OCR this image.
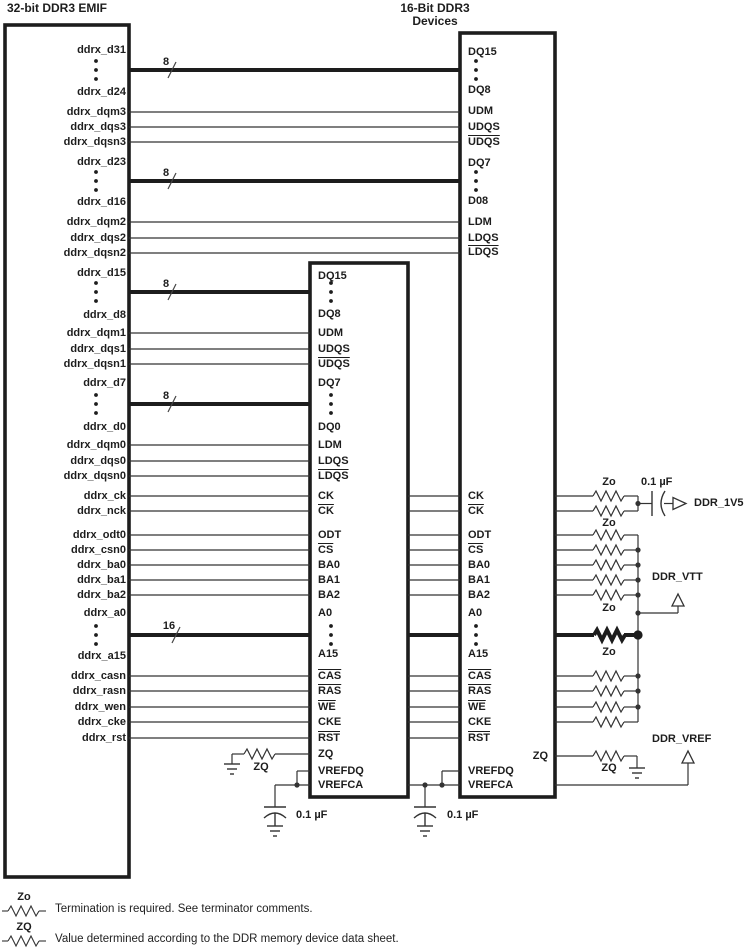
32-bit DDR3 EMIF	16-Bit DDR3
Devices
ddrx_d31
ddrx_d24
ddrx_dqm3
ddrx_dqs3
ddrx_dqsn3
ddrx_d23
ddrx_d16
ddrx_dqm2
ddrx_dqs2
ddrx_dqsn2
ddrx_d15
ddrx_d8
ddrx_dqm1
ddrx_dqs1
ddrx_dqsn1
ddrx_d7
ddrx_d0
ddrx_dqm0
ddrx_dqs0
ddrx_dqsn0
ddrx_ck
ddrx_nck
ddrx_odt0
ddrx_csn0
ddrx_ba0
ddrx_ba1
ddrx_ba2
ddrx_a0
ddrx_a15
ddrx_casn
ddrx_rasn
ddrx_wen
ddrx_cke
ddrx_rst
DQ15
DQ8
UDM
UDQS
UDQS
DQ7
DQ0
LDM
LDQS
LDQS
CK
$\overline{CK}$
ODT
$\overline{CS}$
BA0
BA1
BA2
A0
A15
$\overline{CAS}$
$\overline{RAS}$
$\overline{WE}$
CKE
$\overline{RST}$
ZQ
VREFDQ
VREFCA
DQ15
DQ8
UDM
UDQS
UDQS
DQ7
D08
LDM
LDQS
LDQS
CK
$\overline{CK}$
ODT
$\overline{CS}$
BA0
BA1
BA2
A0
A15
$\overline{CAS}$
$\overline{RAS}$
$\overline{WE}$
CKE
$\overline{RST}$
ZQ
VREFDQ
VREFCA
8
8
8
8
16
Zo
Zo
Zo
Zo
ZQ	ZQ
0.1 µF
0.1 µF	0.1 µF
DDR_1V5
DDR_VTT
DDR_VREF
Zo
Termination is required. See terminator comments.
ZQ
Value determined according to the DDR memory device data sheet.
